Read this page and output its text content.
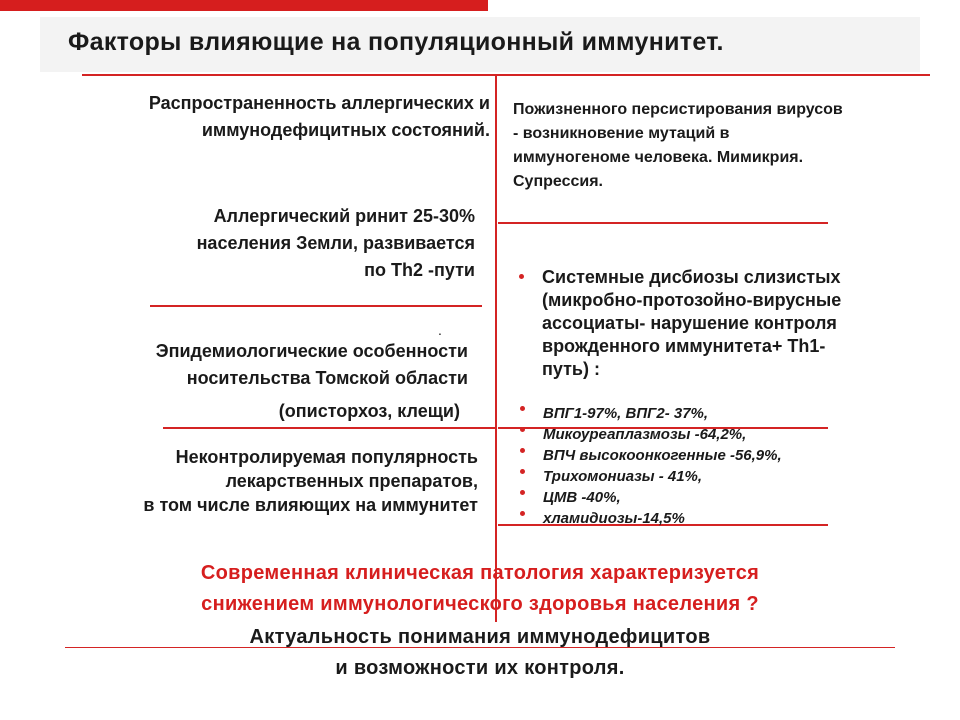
Факторы влияющие на популяционный иммунитет.
Распространенность аллергических и
иммунодефицитных состояний.
Аллергический ринит 25-30%
населения Земли, развивается
по Th2 -пути
.
Эпидемиологические особенности
носительства Томской области
(описторхоз, клещи)
Неконтролируемая популярность
лекарственных препаратов,
в том числе влияющих на иммунитет
Пожизненного персистирования вирусов
- возникновение мутаций в
иммуногеноме человека. Мимикрия.
Супрессия.
Системные дисбиозы слизистых
(микробно-протозойно-вирусные
ассоциаты- нарушение контроля
врожденного иммунитета+ Th1-
путь) :
ВПГ1-97%, ВПГ2- 37%,
Микоуреаплазмозы -64,2%,
ВПЧ высокоонкогенные -56,9%,
Трихомониазы - 41%,
ЦМВ -40%,
хламидиозы-14,5%
Современная клиническая патология характеризуется
снижением иммунологического здоровья населения ?
Актуальность понимания иммунодефицитов
и возможности их контроля.
